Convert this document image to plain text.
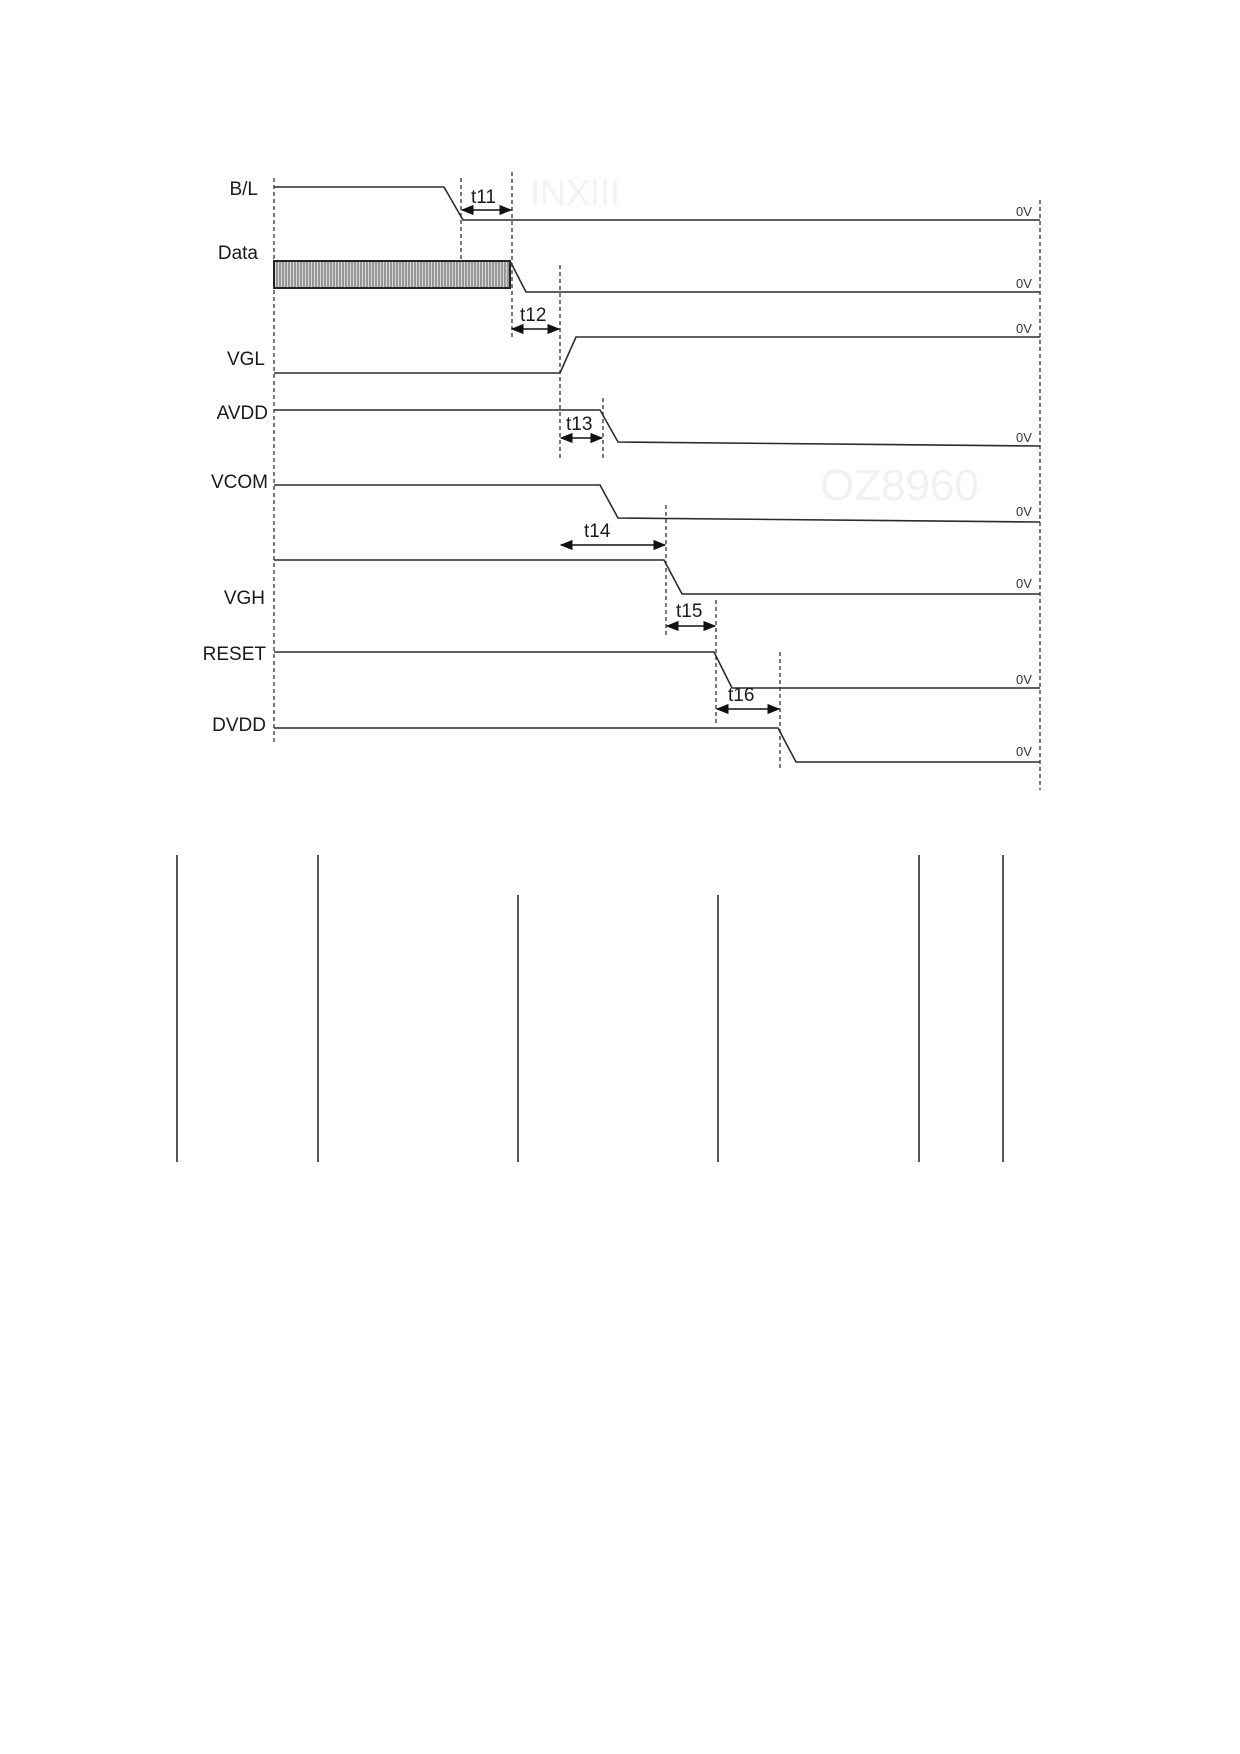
INXIII
OZ8960
B/L
Data
VGL
AVDD
VCOM
VGH
RESET
DVDD
0V
0V
0V
0V
0V
0V
0V
0V
t11
t12
t13
t14
t15
t16
